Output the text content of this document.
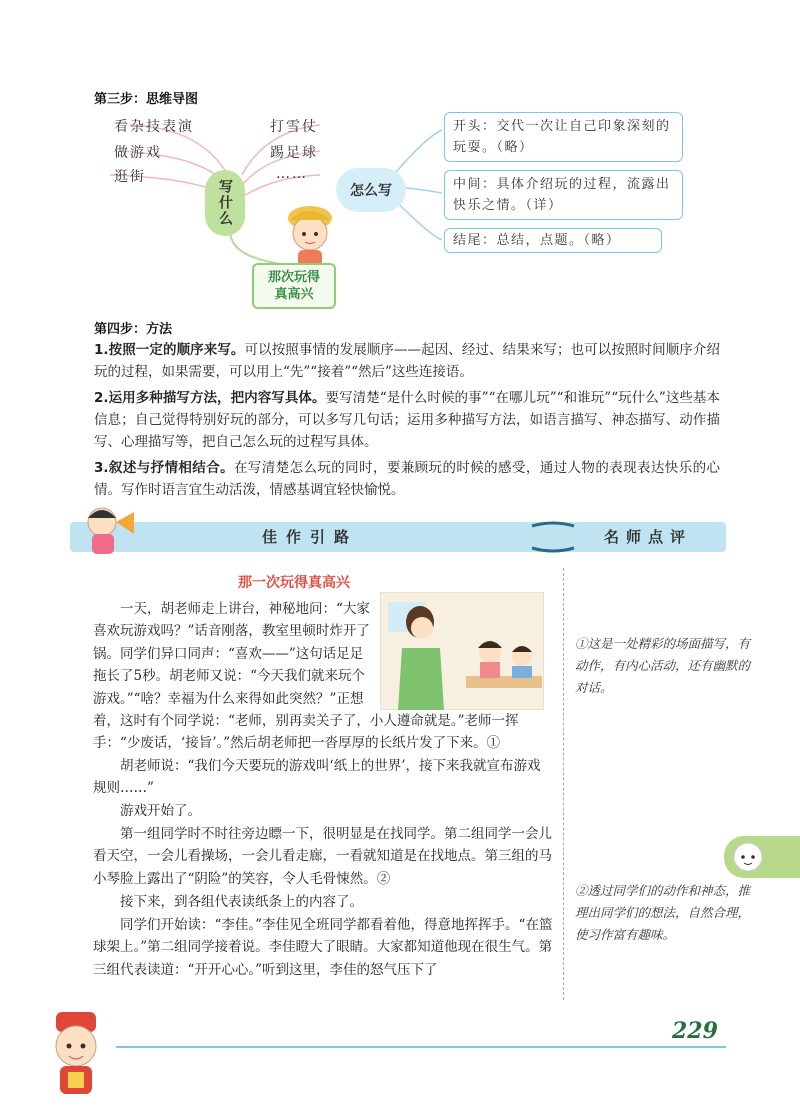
第三步：思维导图
看杂技表演
做游戏
逛街
打雪仗
踢足球
……
写什么
那次玩得真高兴
怎么写
开头：交代一次让自己印象深刻的玩耍。（略）
中间：具体介绍玩的过程，流露出快乐之情。（详）
结尾：总结，点题。（略）
第四步：方法
1.按照一定的顺序来写。可以按照事情的发展顺序——起因、经过、结果来写；也可以按照时间顺序介绍玩的过程，如果需要，可以用上“先”“接着”“然后”这些连接语。
2.运用多种描写方法，把内容写具体。要写清楚“是什么时候的事”“在哪儿玩”“和谁玩”“玩什么”这些基本信息；自己觉得特别好玩的部分，可以多写几句话；运用多种描写方法，如语言描写、神态描写、动作描写、心理描写等，把自己怎么玩的过程写具体。
3.叙述与抒情相结合。在写清楚怎么玩的同时，要兼顾玩的时候的感受，通过人物的表现表达快乐的心情。写作时语言宜生动活泼，情感基调宜轻快愉悦。
佳作引路	名师点评
那一次玩得真高兴
一天，胡老师走上讲台，神秘地问：“大家喜欢玩游戏吗？”话音刚落，教室里顿时炸开了锅。同学们异口同声：“喜欢——”这句话足足拖长了5秒。胡老师又说：“今天我们就来玩个游戏。”“啥？幸福为什么来得如此突然？”正想
着，这时有个同学说：“老师，别再卖关子了，小人遵命就是。”老师一挥手：“少废话，‘接旨’。”然后胡老师把一沓厚厚的长纸片发了下来。①
胡老师说：“我们今天要玩的游戏叫‘纸上的世界’，接下来我就宣布游戏规则……”
游戏开始了。
第一组同学时不时往旁边瞟一下，很明显是在找同学。第二组同学一会儿看天空，一会儿看操场，一会儿看走廊，一看就知道是在找地点。第三组的马小琴脸上露出了“阴险”的笑容，令人毛骨悚然。②
接下来，到各组代表读纸条上的内容了。
同学们开始读：“李佳。”李佳见全班同学都看着他，得意地挥挥手。“在篮球架上。”第二组同学接着说。李佳瞪大了眼睛。大家都知道他现在很生气。第三组代表读道：“开开心心。”听到这里，李佳的怒气压下了
①这是一处精彩的场面描写，有动作，有内心活动，还有幽默的对话。
②透过同学们的动作和神态，推理出同学们的想法，自然合理，使习作富有趣味。
229
